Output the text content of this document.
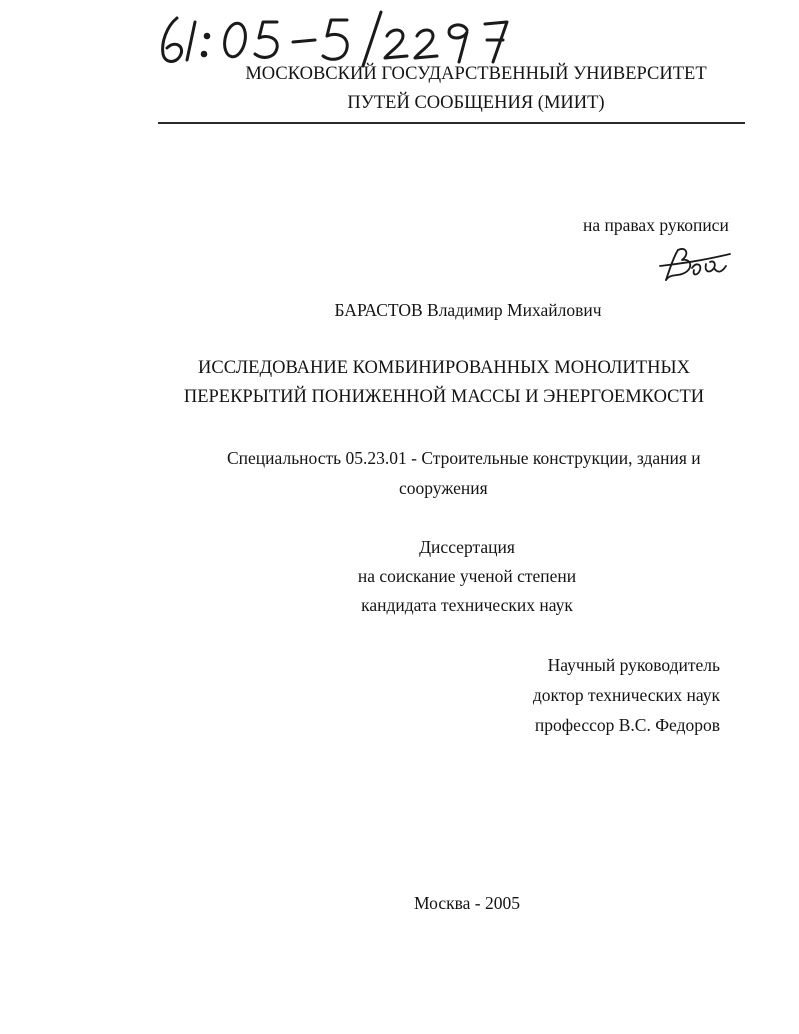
МОСКОВСКИЙ ГОСУДАРСТВЕННЫЙ УНИВЕРСИТЕТ
ПУТЕЙ СООБЩЕНИЯ (МИИТ)
на правах рукописи
БАРАСТОВ Владимир Михайлович
ИССЛЕДОВАНИЕ КОМБИНИРОВАННЫХ МОНОЛИТНЫХ
ПЕРЕКРЫТИЙ ПОНИЖЕННОЙ МАССЫ И ЭНЕРГОЕМКОСТИ
Специальность 05.23.01 - Строительные конструкции, здания и
сооружения
Диссертация
на соискание ученой степени
кандидата технических наук
Научный руководитель
доктор технических наук
профессор В.С. Федоров
Москва - 2005
